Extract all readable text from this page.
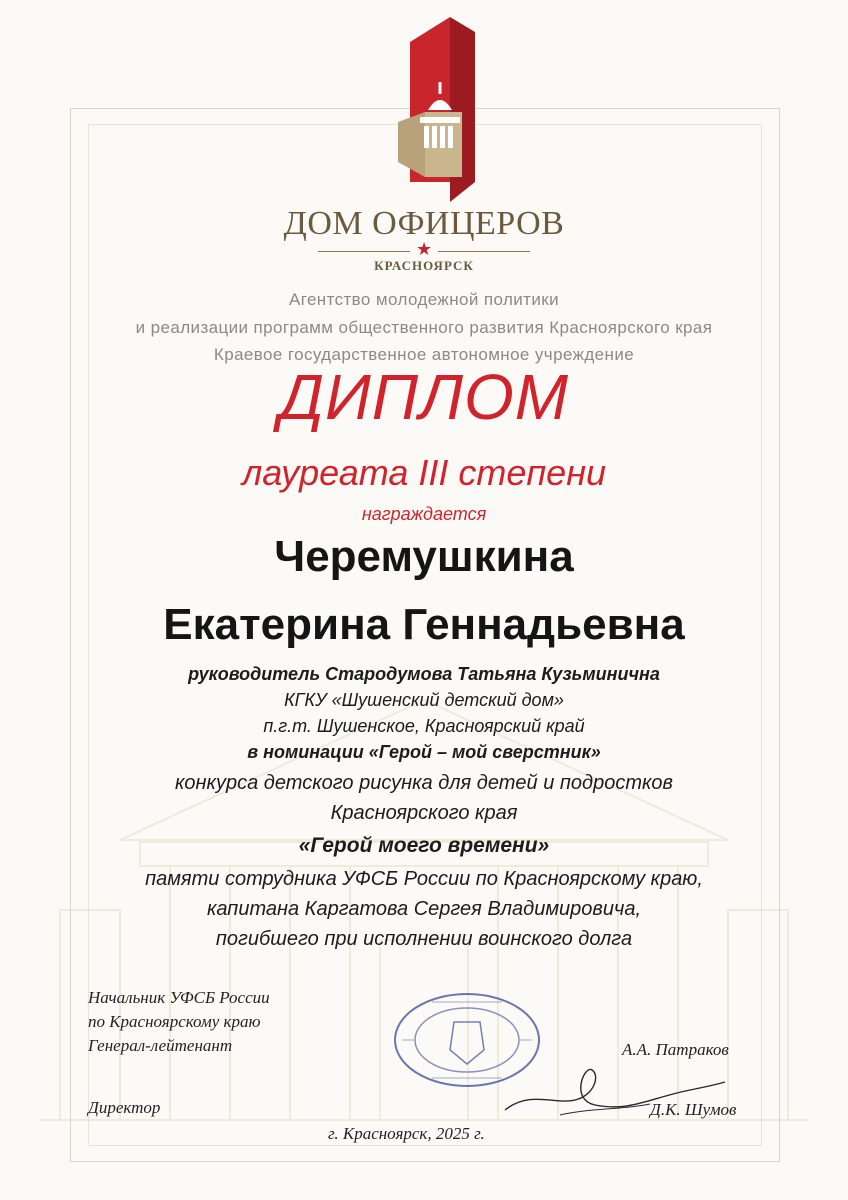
ДОМ ОФИЦЕРОВ
★
КРАСНОЯРСК
Агентство молодежной политики
и реализации программ общественного развития Красноярского края
Краевое государственное автономное учреждение
ДИПЛОМ
лауреата III степени
награждается
Черемушкина
Екатерина Геннадьевна
руководитель Стародумова Татьяна Кузьминична
КГКУ «Шушенский детский дом»
п.г.т. Шушенское, Красноярский край
в номинации «Герой – мой сверстник»
конкурса детского рисунка для детей и подростков
Красноярского края
«Герой моего времени»
памяти сотрудника УФСБ России по Красноярскому краю,
капитана Каргатова Сергея Владимировича,
погибшего при исполнении воинского долга
Начальник УФСБ России
по Красноярскому краю
Генерал-лейтенант	А.А. Патраков
Директор	Д.К. Шумов
г. Красноярск, 2025 г.
